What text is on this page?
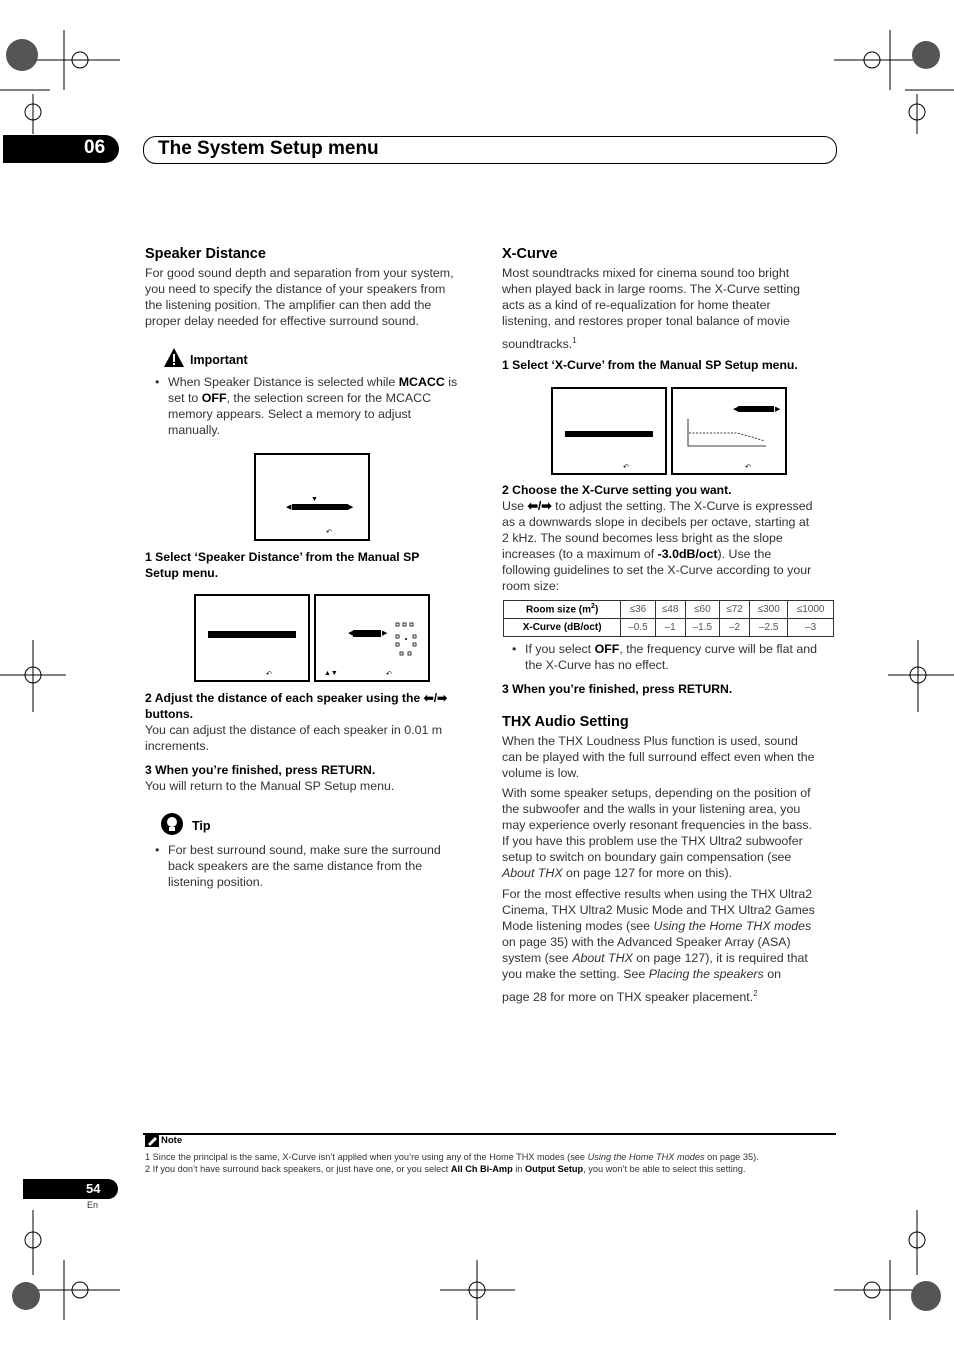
06	The System Setup menu
Speaker Distance
For good sound depth and separation from your system,
you need to specify the distance of your speakers from
the listening position. The amplifier can then add the
proper delay needed for effective surround sound.
Important
• When Speaker Distance is selected while MCACC is
set to OFF, the selection screen for the MCACC
memory appears. Select a memory to adjust
manually.
▼
◀	▶
↶
1 Select ‘Speaker Distance’ from the Manual SP
Setup menu.
↶
◀	▶
▲▼	↶
2 Adjust the distance of each speaker using the ⬅/➡
buttons.
You can adjust the distance of each speaker in 0.01 m
increments.
3 When you’re finished, press RETURN.
You will return to the Manual SP Setup menu.
Tip
• For best surround sound, make sure the surround
back speakers are the same distance from the
listening position.
X-Curve
Most soundtracks mixed for cinema sound too bright
when played back in large rooms. The X-Curve setting
acts as a kind of re-equalization for home theater
listening, and restores proper tonal balance of movie
soundtracks.$^1$
1 Select ‘X-Curve’ from the Manual SP Setup menu.
↶
◀	▶
↶
2 Choose the X-Curve setting you want.
Use ⬅/➡ to adjust the setting. The X-Curve is expressed
as a downwards slope in decibels per octave, starting at
2 kHz. The sound becomes less bright as the slope
increases (to a maximum of -3.0dB/oct). Use the
following guidelines to set the X-Curve according to your
room size:
Room size $(m^2)$	≤36	≤48	≤60	≤72	≤300	≤1000
X-Curve (dB/oct)	–0.5	–1	–1.5	–2	–2.5	–3
• If you select OFF, the frequency curve will be flat and
the X-Curve has no effect.
3 When you’re finished, press RETURN.
THX Audio Setting
When the THX Loudness Plus function is used, sound
can be played with the full surround effect even when the
volume is low.
With some speaker setups, depending on the position of
the subwoofer and the walls in your listening area, you
may experience overly resonant frequencies in the bass.
If you have this problem use the THX Ultra2 subwoofer
setup to switch on boundary gain compensation (see
About THX on page 127 for more on this).
For the most effective results when using the THX Ultra2
Cinema, THX Ultra2 Music Mode and THX Ultra2 Games
Mode listening modes (see Using the Home THX modes
on page 35) with the Advanced Speaker Array (ASA)
system (see About THX on page 127), it is required that
you make the setting. See Placing the speakers on
page 28 for more on THX speaker placement.$^2$
Note
1 Since the principal is the same, X-Curve isn’t applied when you’re using any of the Home THX modes (see Using the Home THX modes on page 35).
2 If you don’t have surround back speakers, or just have one, or you select All Ch Bi-Amp in Output Setup, you won’t be able to select this setting.
54
En
